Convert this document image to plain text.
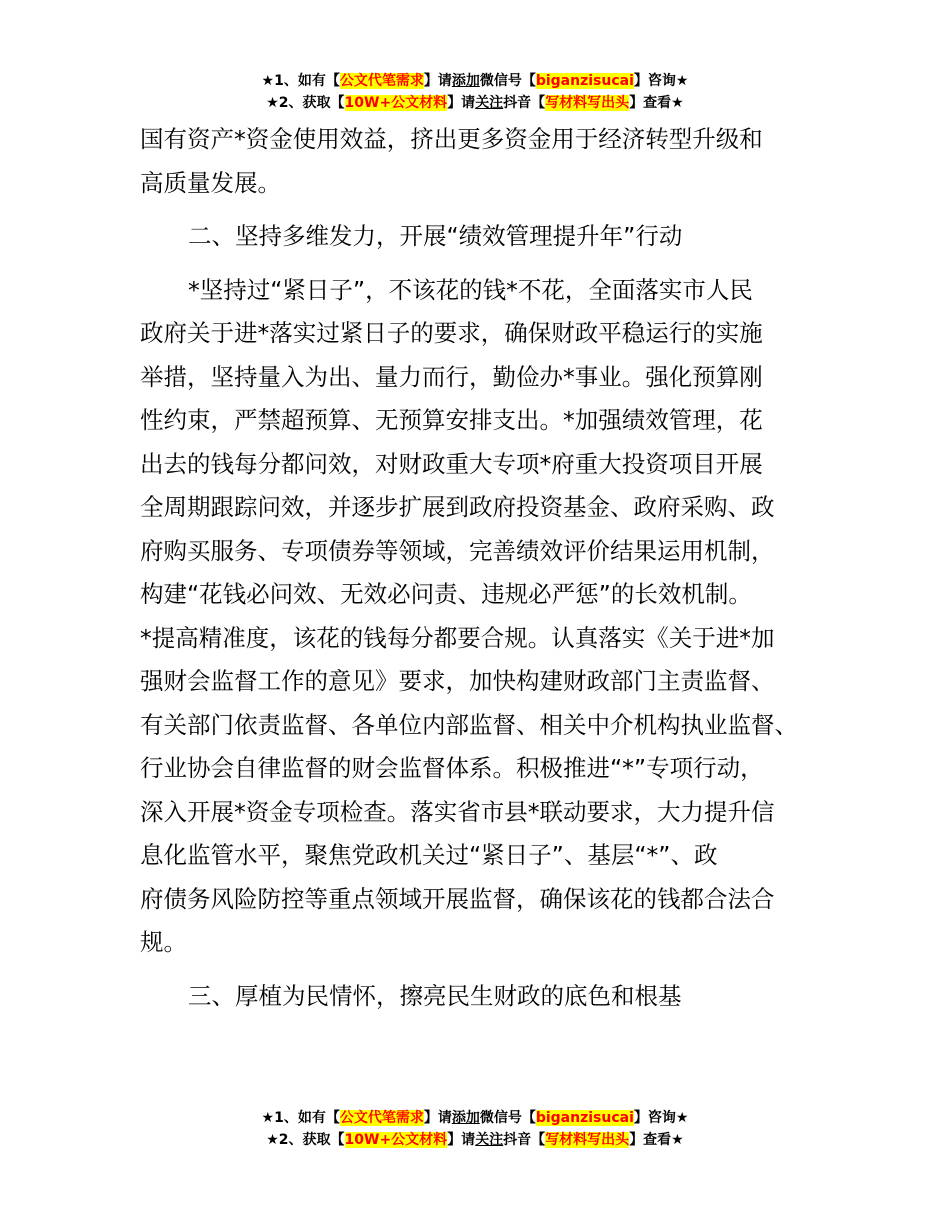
★1、如有【公文代笔需求】请添加微信号【biganzisucai】咨询★
★2、获取【10W+公文材料】请关注抖音【写材料写出头】查看★
国有资产*资金使用效益，挤出更多资金用于经济转型升级和
高质量发展。
二、坚持多维发力，开展“绩效管理提升年”行动
*坚持过“紧日子”，不该花的钱*不花，全面落实市人民
政府关于进*落实过紧日子的要求，确保财政平稳运行的实施
举措，坚持量入为出、量力而行，勤俭办*事业。强化预算刚
性约束，严禁超预算、无预算安排支出。*加强绩效管理，花
出去的钱每分都问效，对财政重大专项*府重大投资项目开展
全周期跟踪问效，并逐步扩展到政府投资基金、政府采购、政
府购买服务、专项债券等领域，完善绩效评价结果运用机制，
构建“花钱必问效、无效必问责、违规必严惩”的长效机制。
*提高精准度，该花的钱每分都要合规。认真落实《关于进*加
强财会监督工作的意见》要求，加快构建财政部门主责监督、
有关部门依责监督、各单位内部监督、相关中介机构执业监督、
行业协会自律监督的财会监督体系。积极推进“*”专项行动，
深入开展*资金专项检查。落实省市县*联动要求，大力提升信
息化监管水平，聚焦党政机关过“紧日子”、基层“*”、政
府债务风险防控等重点领域开展监督，确保该花的钱都合法合
规。
三、厚植为民情怀，擦亮民生财政的底色和根基
★1、如有【公文代笔需求】请添加微信号【biganzisucai】咨询★
★2、获取【10W+公文材料】请关注抖音【写材料写出头】查看★
